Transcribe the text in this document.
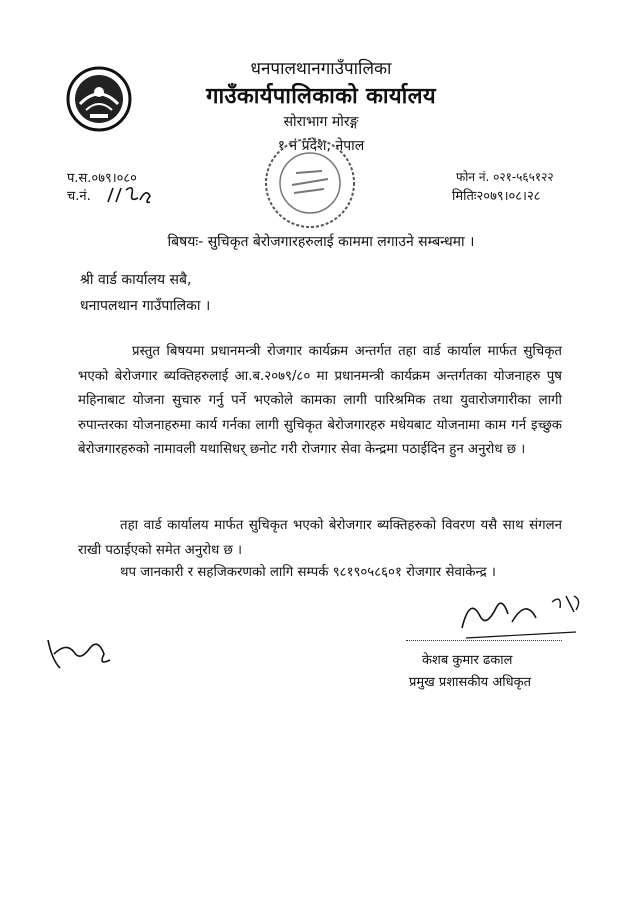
धनपालथानगाउँपालिका
गाउँकार्यपालिकाको कार्यालय
सोराभाग मोरङ्ग
१ नं प्रदेश, नेपाल
प.स.०७९।०८०
च.नं.
फोन नं. ०२१-५६५१२२
मितिः२०७९।०८।२८
बिषयः- सुचिकृत बेरोजगारहरुलाई काममा लगाउने सम्बन्धमा ।
श्री वार्ड कार्यालय सबै,
धनापलथान गाउँपालिका ।
प्रस्तुत बिषयमा प्रधानमन्त्री रोजगार कार्यक्रम अन्तर्गत तहा वार्ड कार्याल मार्फत सुचिकृत भएको बेरोजगार ब्यक्तिहरुलाई आ.ब.२०७९/८० मा प्रधानमन्त्री कार्यक्रम अन्तर्गतका योजनाहरु पुष महिनाबाट योजना सुचारु गर्नु पर्ने भएकोले कामका लागी पारिश्रमिक तथा युवारोजगारीका लागी रुपान्तरका योजनाहरुमा कार्य गर्नका लागी सुचिकृत बेरोजगारहरु मधेयबाट योजनामा काम गर्न इच्छुक बेरोजगारहरुको नामावली यथासिधर् छनोट गरी रोजगार सेवा केन्द्रमा पठाईदिन हुन अनुरोध छ ।
तहा वार्ड कार्यालय मार्फत सुचिकृत भएको बेरोजगार ब्यक्तिहरुको विवरण यसै साथ संगलन राखी पठाईएको समेत अनुरोध छ ।
थप जानकारी र सहजिकरणको लागि सम्पर्क ९८१९०५८६०१ रोजगार सेवाकेन्द्र ।
केशब कुमार ढकाल
प्रमुख प्रशासकीय अधिकृत
